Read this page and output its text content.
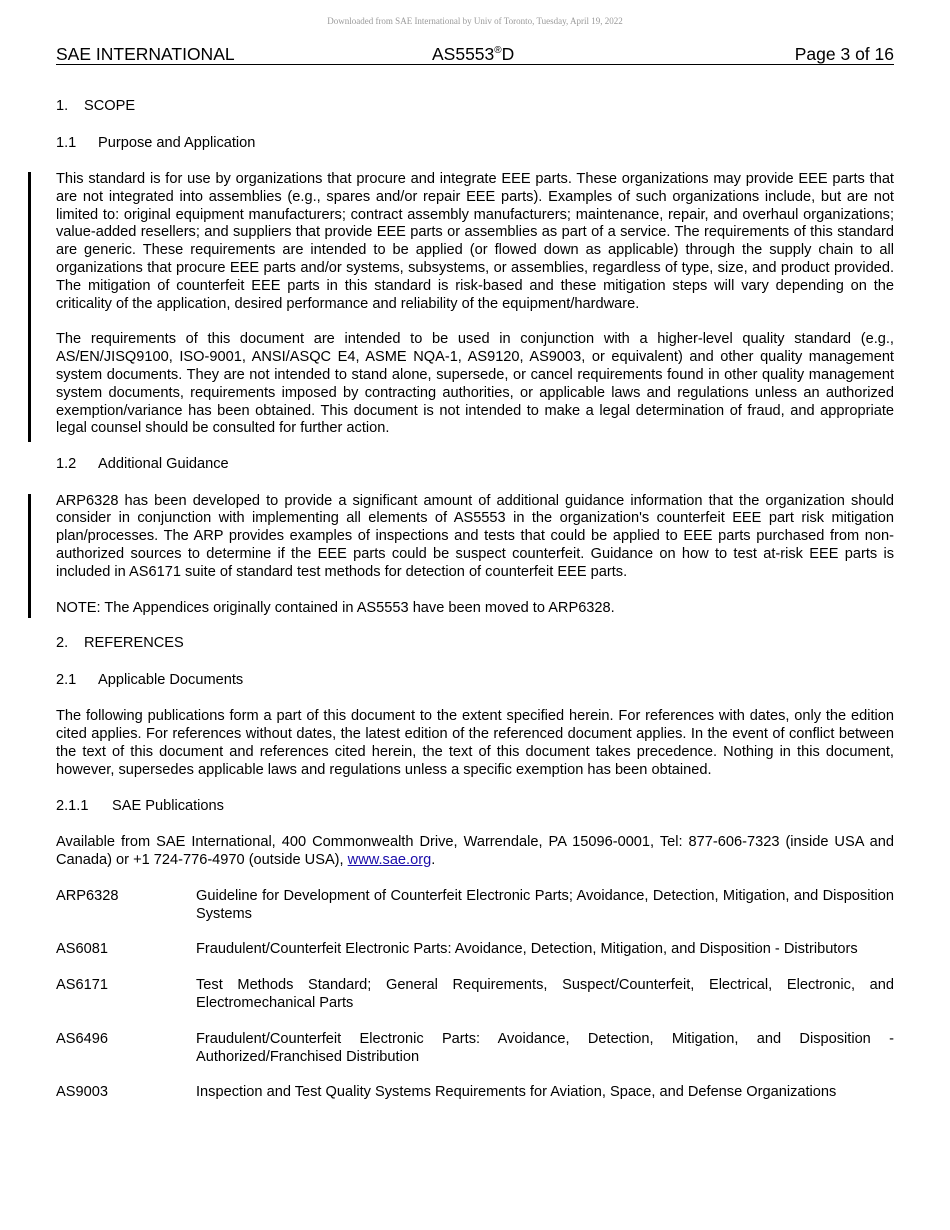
Downloaded from SAE International by Univ of Toronto, Tuesday, April 19, 2022
SAE INTERNATIONAL	AS5553®D	Page 3 of 16
1. SCOPE
1.1 Purpose and Application

This standard is for use by organizations that procure and integrate EEE parts. These organizations may provide EEE parts that are not integrated into assemblies (e.g., spares and/or repair EEE parts). Examples of such organizations include, but are not limited to: original equipment manufacturers; contract assembly manufacturers; maintenance, repair, and overhaul organizations; value-added resellers; and suppliers that provide EEE parts or assemblies as part of a service. The requirements of this standard are generic. These requirements are intended to be applied (or flowed down as applicable) through the supply chain to all organizations that procure EEE parts and/or systems, subsystems, or assemblies, regardless of type, size, and product provided. The mitigation of counterfeit EEE parts in this standard is risk-based and these mitigation steps will vary depending on the criticality of the application, desired performance and reliability of the equipment/hardware.

The requirements of this document are intended to be used in conjunction with a higher-level quality standard (e.g., AS/EN/JISQ9100, ISO-9001, ANSI/ASQC E4, ASME NQA-1, AS9120, AS9003, or equivalent) and other quality management system documents. They are not intended to stand alone, supersede, or cancel requirements found in other quality management system documents, requirements imposed by contracting authorities, or applicable laws and regulations unless an authorized exemption/variance has been obtained. This document is not intended to make a legal determination of fraud, and appropriate legal counsel should be consulted for further action.

1.2 Additional Guidance

ARP6328 has been developed to provide a significant amount of additional guidance information that the organization should consider in conjunction with implementing all elements of AS5553 in the organization's counterfeit EEE part risk mitigation plan/processes. The ARP provides examples of inspections and tests that could be applied to EEE parts purchased from non-authorized sources to determine if the EEE parts could be suspect counterfeit. Guidance on how to test at-risk EEE parts is included in AS6171 suite of standard test methods for detection of counterfeit EEE parts.

NOTE: The Appendices originally contained in AS5553 have been moved to ARP6328.

2. REFERENCES
2.1 Applicable Documents

The following publications form a part of this document to the extent specified herein. For references with dates, only the edition cited applies. For references without dates, the latest edition of the referenced document applies. In the event of conflict between the text of this document and references cited herein, the text of this document takes precedence. Nothing in this document, however, supersedes applicable laws and regulations unless a specific exemption has been obtained.

2.1.1 SAE Publications

Available from SAE International, 400 Commonwealth Drive, Warrendale, PA 15096-0001, Tel: 877-606-7323 (inside USA and Canada) or +1 724-776-4970 (outside USA), www.sae.org.

ARP6328	Guideline for Development of Counterfeit Electronic Parts; Avoidance, Detection, Mitigation, and Disposition Systems
AS6081	Fraudulent/Counterfeit Electronic Parts: Avoidance, Detection, Mitigation, and Disposition - Distributors
AS6171	Test Methods Standard; General Requirements, Suspect/Counterfeit, Electrical, Electronic, and Electromechanical Parts
AS6496	Fraudulent/Counterfeit Electronic Parts: Avoidance, Detection, Mitigation, and Disposition - Authorized/Franchised Distribution
AS9003	Inspection and Test Quality Systems Requirements for Aviation, Space, and Defense Organizations
